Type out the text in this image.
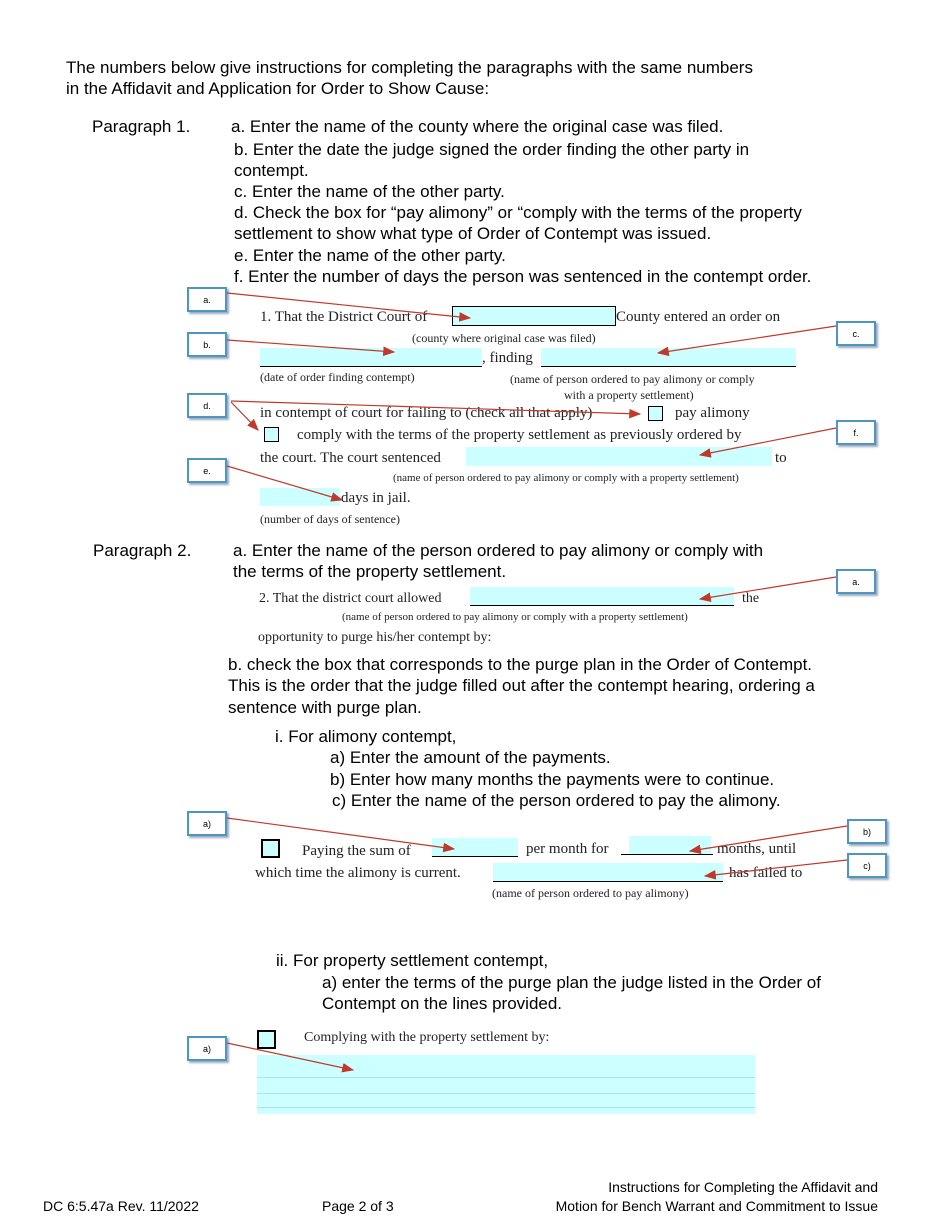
The numbers below give instructions for completing the paragraphs with the same numbers
in the Affidavit and Application for Order to Show Cause:
Paragraph 1. a. Enter the name of the county where the original case was filed.
b. Enter the date the judge signed the order finding the other party in
contempt.
c. Enter the name of the other party.
d. Check the box for “pay alimony” or “comply with the terms of the property
settlement to show what type of Order of Contempt was issued.
e. Enter the name of the other party.
f. Enter the number of days the person was sentenced in the contempt order.
1. That the District Court of	County entered an order on
(county where original case was filed)
, finding
(date of order finding contempt)	(name of person ordered to pay alimony or comply
with a property settlement)
in contempt of court for failing to (check all that apply)	pay alimony
comply with the terms of the property settlement as previously ordered by
the court. The court sentenced	to
(name of person ordered to pay alimony or comply with a property settlement)
days in jail.
(number of days of sentence)
a.
b.
c.
d.
f.
e.
Paragraph 2. a. Enter the name of the person ordered to pay alimony or comply with
the terms of the property settlement.
2. That the district court allowed	the
(name of person ordered to pay alimony or comply with a property settlement)
opportunity to purge his/her contempt by:
a.
b. check the box that corresponds to the purge plan in the Order of Contempt.
This is the order that the judge filled out after the contempt hearing, ordering a
sentence with purge plan.
i. For alimony contempt,
a) Enter the amount of the payments.
b) Enter how many months the payments were to continue.
c) Enter the name of the person ordered to pay the alimony.
Paying the sum of	per month for	months, until
which time the alimony is current.	has failed to
(name of person ordered to pay alimony)
a)
b)
c)
ii. For property settlement contempt,
a) enter the terms of the purge plan the judge listed in the Order of
Contempt on the lines provided.
Complying with the property settlement by:
a)
DC 6:5.47a Rev. 11/2022	Page 2 of 3
Instructions for Completing the Affidavit and
Motion for Bench Warrant and Commitment to Issue
